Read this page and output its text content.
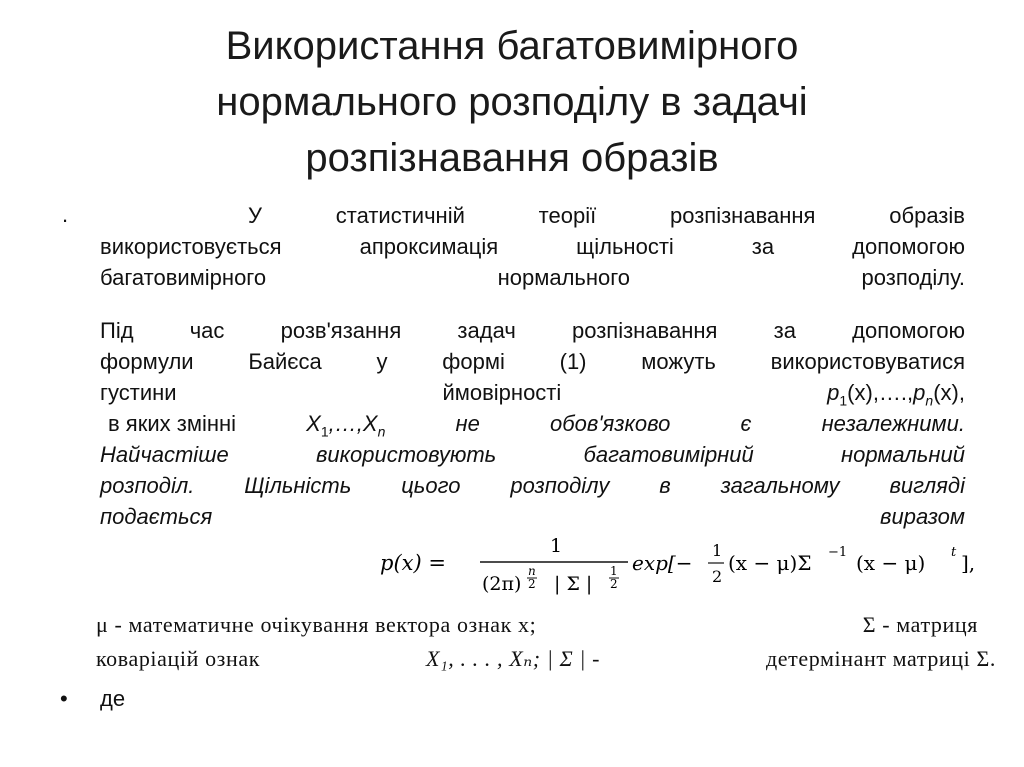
Використання багатовимірного
нормального розподілу в задачі
розпізнавання образів
.	У	статистичній	теорії	розпізнавання	образів
використовується	апроксимація	щільності	за	допомогою
багатовимірного нормального розподілу.
Під	час	розв'язання	задач	розпізнавання	за	допомогою
формули Байєса у формі (1) можуть використовуватися
густини	ймовірності	$p_1(x),\dots.,p_n(x)$,
в яких змінні	$X_1,\dots,X_n$	не	обов'язково	є	незалежними.
Найчастіше	використовують	багатовимірний	нормальний
розподіл. Щільність цього розподілу в загальному вигляді
подається виразом
p(x) =
1
(2π)
n
2 | Σ |
1
2
exp[−
1
2
(x − μ)Σ −1 (x − μ) t ],
μ - математичне очікування вектора ознак x;	Σ - матриця
коваріацій ознак	X₁, . . . , Xₙ; | Σ | -	детермінант матриці Σ.
• де
